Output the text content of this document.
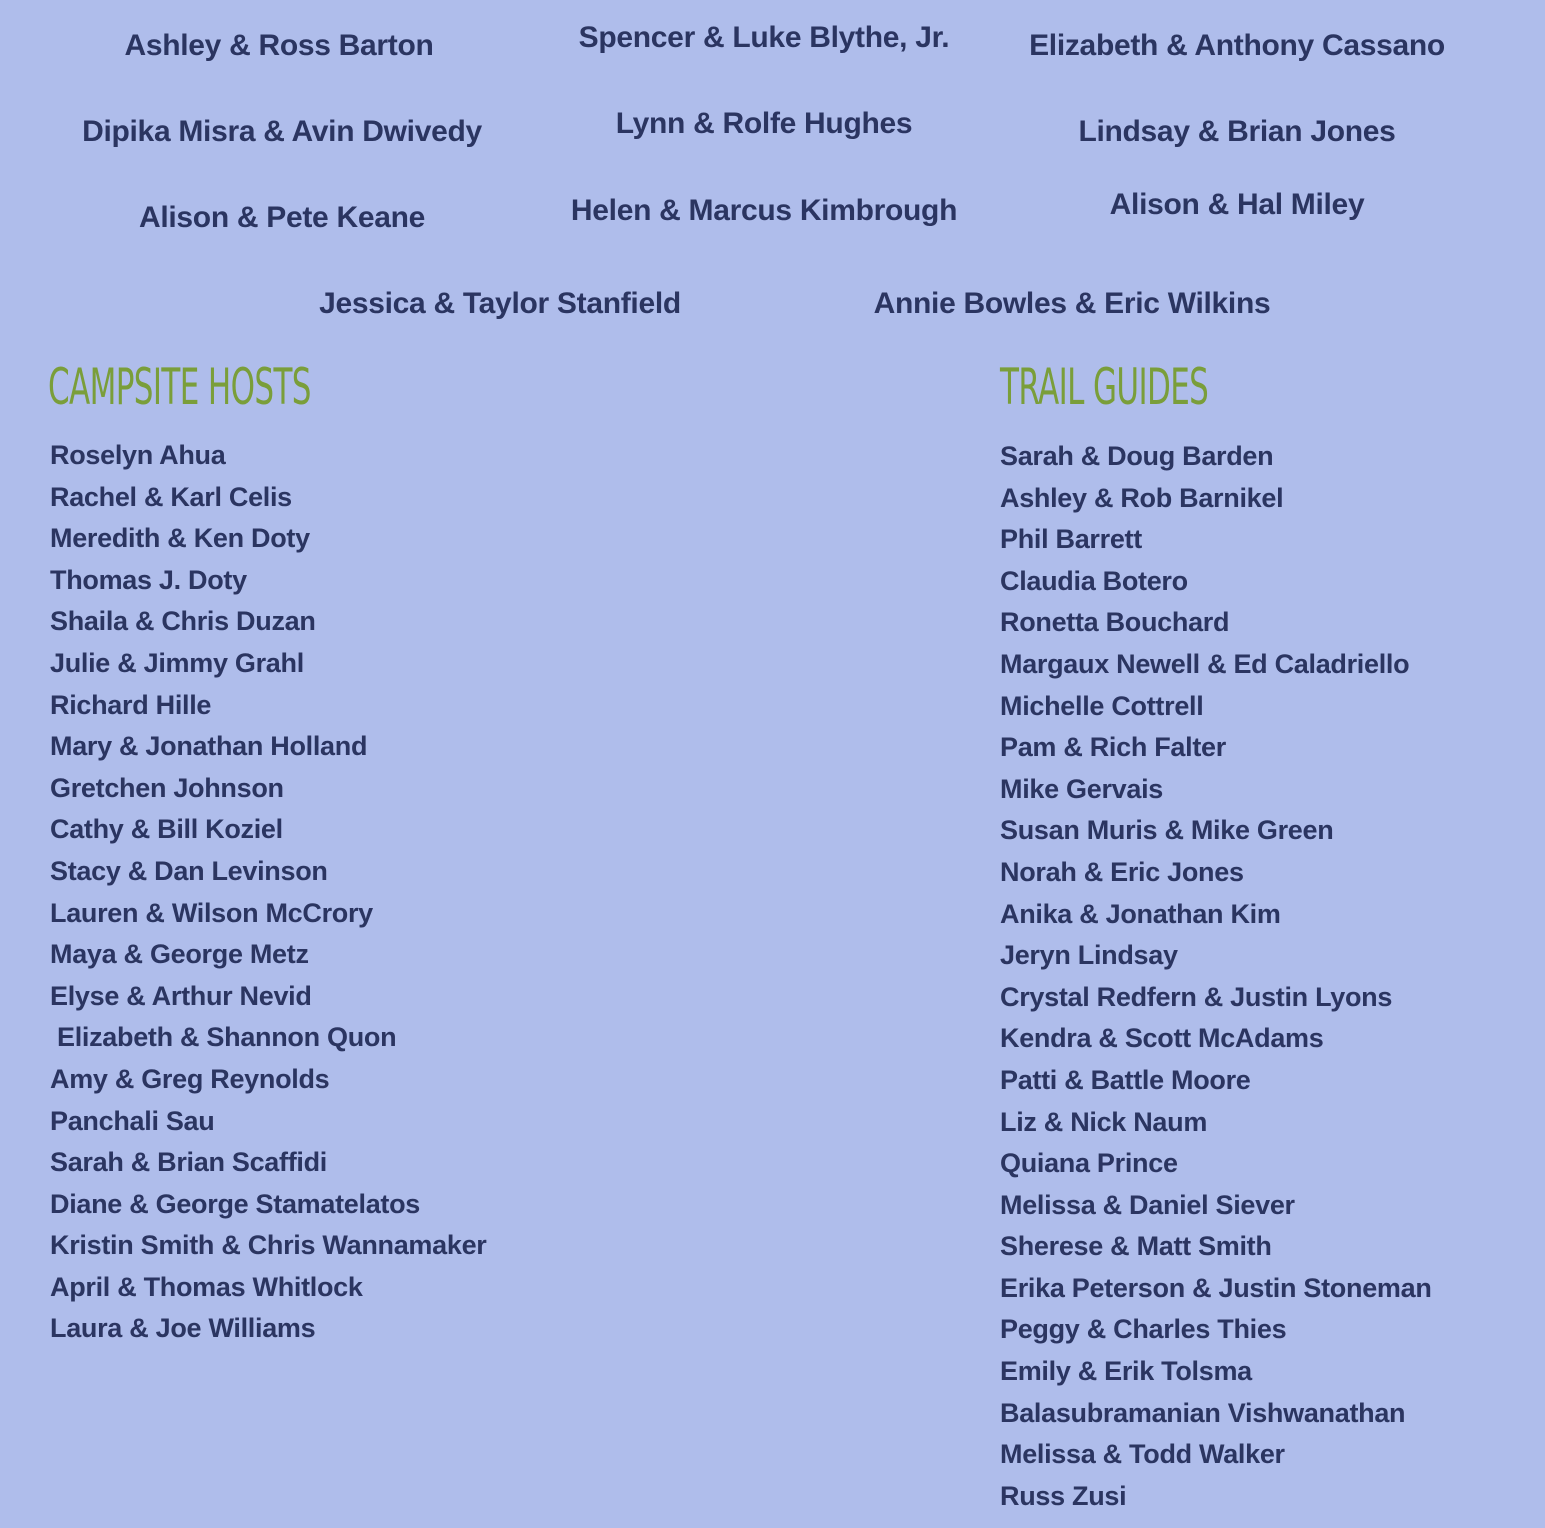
Ashley & Ross Barton	Spencer & Luke Blythe, Jr.	Elizabeth & Anthony Cassano
Dipika Misra & Avin Dwivedy	Lynn & Rolfe Hughes	Lindsay & Brian Jones
Alison & Pete Keane	Helen & Marcus Kimbrough	Alison & Hal Miley
Jessica & Taylor Stanfield	Annie Bowles & Eric Wilkins
CAMPSITE HOSTS
Roselyn Ahua
Rachel & Karl Celis
Meredith & Ken Doty
Thomas J. Doty
Shaila & Chris Duzan
Julie & Jimmy Grahl
Richard Hille
Mary & Jonathan Holland
Gretchen Johnson
Cathy & Bill Koziel
Stacy & Dan Levinson
Lauren & Wilson McCrory
Maya & George Metz
Elyse & Arthur Nevid
Elizabeth & Shannon Quon
Amy & Greg Reynolds
Panchali Sau
Sarah & Brian Scaffidi
Diane & George Stamatelatos
Kristin Smith & Chris Wannamaker
April & Thomas Whitlock
Laura & Joe Williams
TRAIL GUIDES
Sarah & Doug Barden
Ashley & Rob Barnikel
Phil Barrett
Claudia Botero
Ronetta Bouchard
Margaux Newell & Ed Caladriello
Michelle Cottrell
Pam & Rich Falter
Mike Gervais
Susan Muris & Mike Green
Norah & Eric Jones
Anika & Jonathan Kim
Jeryn Lindsay
Crystal Redfern & Justin Lyons
Kendra & Scott McAdams
Patti & Battle Moore
Liz & Nick Naum
Quiana Prince
Melissa & Daniel Siever
Sherese & Matt Smith
Erika Peterson & Justin Stoneman
Peggy & Charles Thies
Emily & Erik Tolsma
Balasubramanian Vishwanathan
Melissa & Todd Walker
Russ Zusi
